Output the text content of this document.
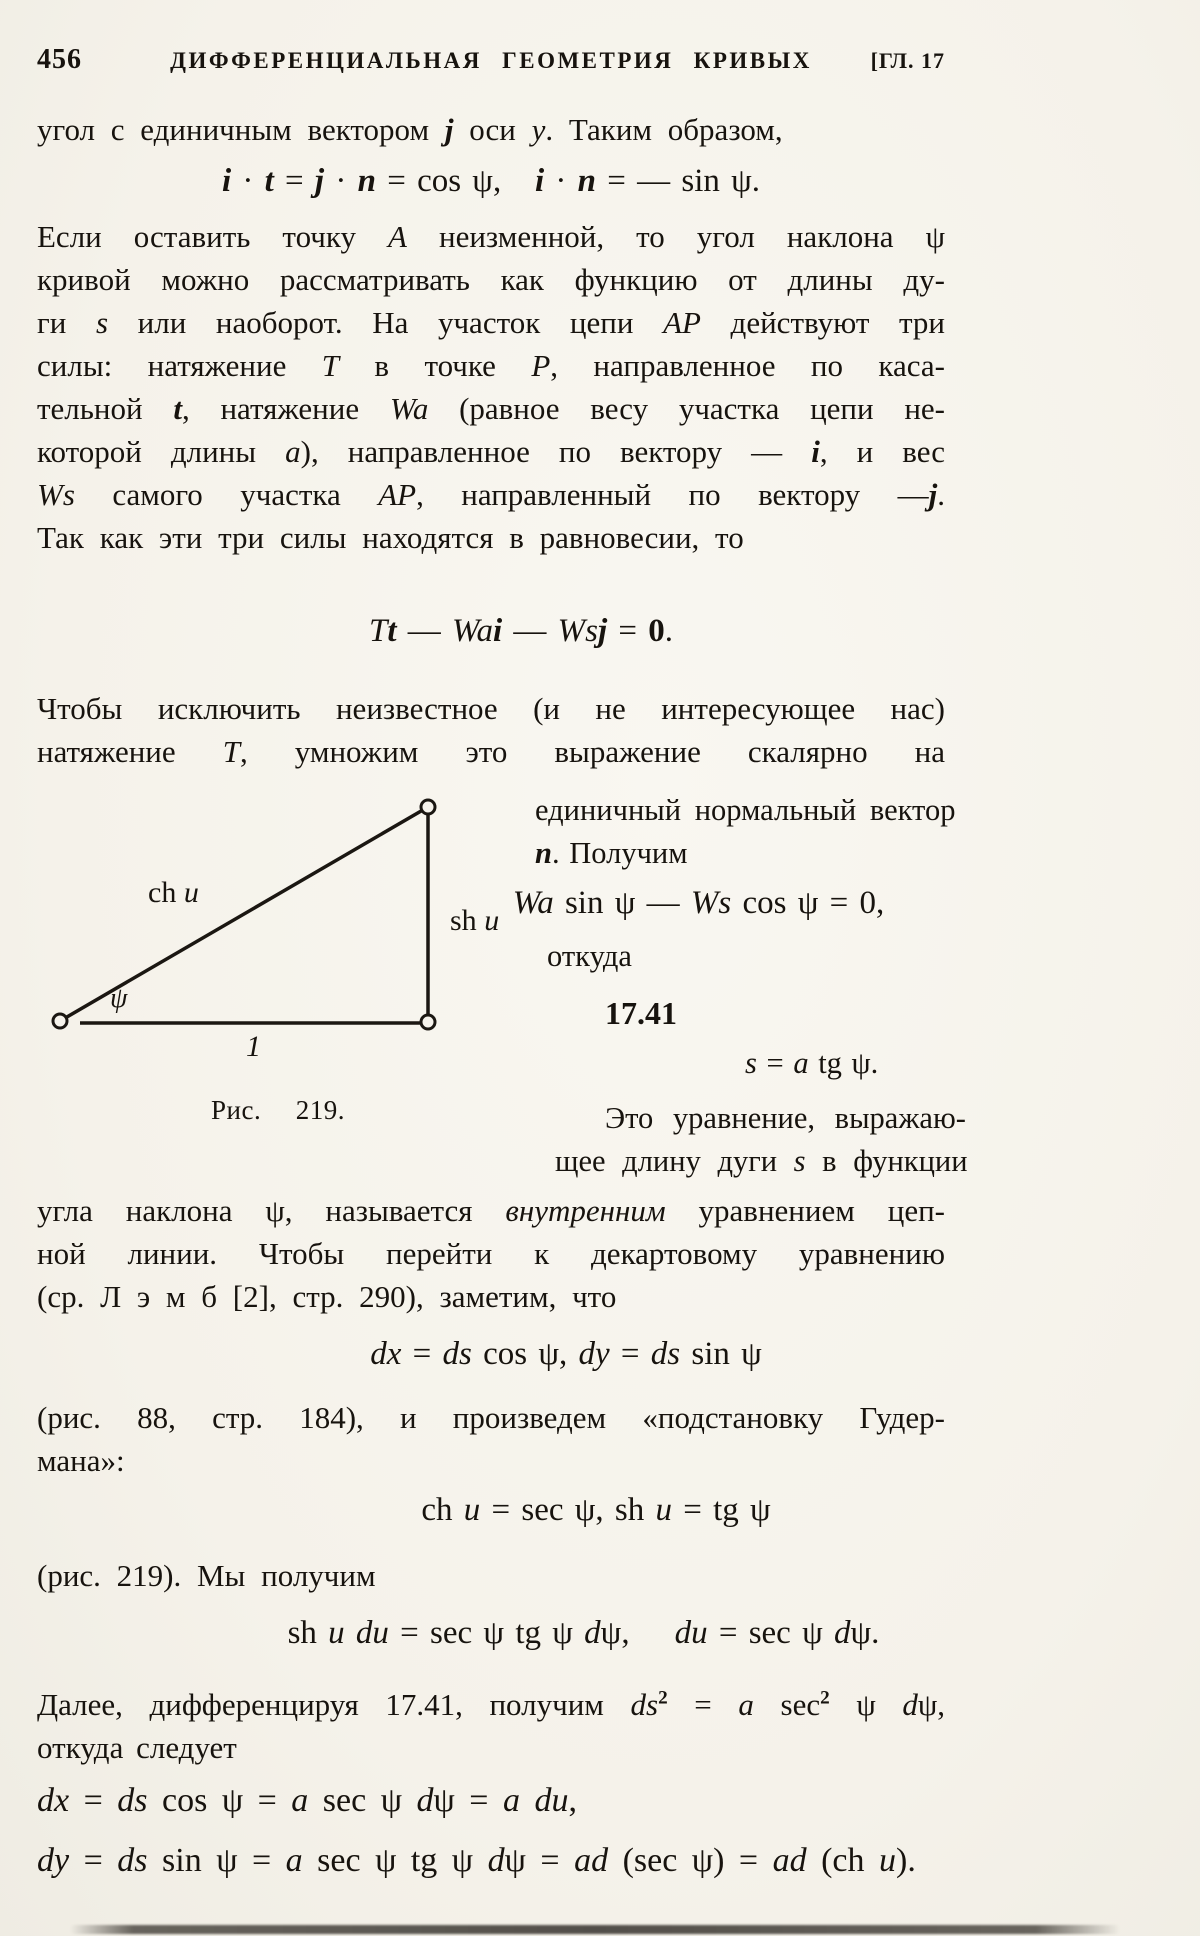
456	ДИФФЕРЕНЦИАЛЬНАЯ ГЕОМЕТРИЯ КРИВЫХ	[ГЛ. 17
угол с единичным вектором j оси y. Таким образом,
i · t = j · n = cos ψ,   i · n = — sin ψ.
Если оставить точку A неизменной, то угол наклона ψ
кривой можно рассматривать как функцию от длины ду-
ги s или наоборот. На участок цепи AP действуют три
силы: натяжение T в точке P, направленное по каса-
тельной t, натяжение Wa (равное весу участка цепи не-
которой длины a), направленное по вектору — i, и вес
Ws самого участка AP, направленный по вектору —j.
Так как эти три силы находятся в равновесии, то
Tt — Wai — Wsj = 0.
Чтобы исключить неизвестное (и не интересующее нас)
натяжение T, умножим это выражение скалярно на
ch u
sh u
ψ
1
Рис.  219.
единичный нормальный вектор
n. Получим
Wa sin ψ — Ws cos ψ = 0,
откуда
17.41
s = a tg ψ.
Это уравнение, выражаю-
щее длину дуги s в функции
угла наклона ψ, называется внутренним уравнением цеп-
ной линии. Чтобы перейти к декартовому уравнению
(ср. Л э м б [2], стр. 290), заметим, что
dx = ds cos ψ, dy = ds sin ψ
(рис. 88, стр. 184), и произведем «подстановку Гудер-
мана»:
ch u = sec ψ, sh u = tg ψ
(рис. 219). Мы получим
sh u du = sec ψ tg ψ dψ,    du = sec ψ dψ.
Далее, дифференцируя 17.41, получим $ds^2 = a$ $\sec^2 \psi$ dψ,
откуда следует
dx = ds cos ψ = a sec ψ dψ = a du,
dy = ds sin ψ = a sec ψ tg ψ dψ = ad (sec ψ) = ad (ch u).
